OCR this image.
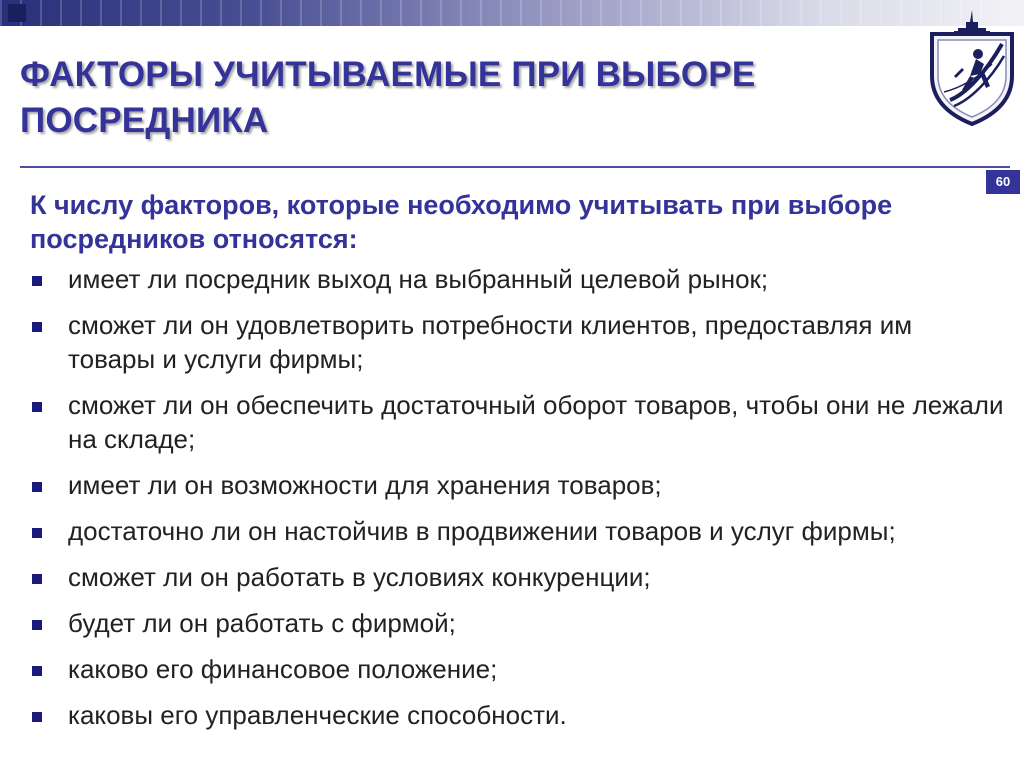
ФАКТОРЫ УЧИТЫВАЕМЫЕ ПРИ ВЫБОРЕ ПОСРЕДНИКА
60

К числу факторов, которые необходимо учитывать при выборе посредников относятся:

имеет ли посредник выход на выбранный целевой рынок;
сможет ли он удовлетворить потребности клиентов, предоставляя им товары и услуги фирмы;
сможет ли он обеспечить достаточный оборот товаров, чтобы они не лежали на складе;
имеет ли он возможности для хранения товаров;
достаточно ли он настойчив в продвижении товаров и услуг фирмы;
сможет ли он работать в условиях конкуренции;
будет ли он работать с фирмой;
каково его финансовое положение;
каковы его управленческие способности.
